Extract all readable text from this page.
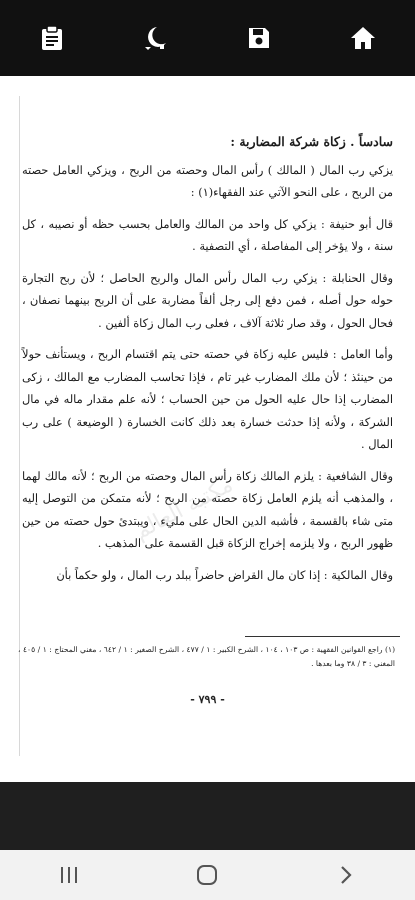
مكتبة العالم

سادساً . زكاة شركة المضاربة :

يزكي رب المال ( المالك ) رأس المال وحصته من الربح ، ويزكي العامل حصته من الربح ، على النحو الآتي عند الفقهاء(١) :

قال أبو حنيفة : يزكي كل واحد من المالك والعامل بحسب حظه أو نصيبه ، كل سنة ، ولا يؤخر إلى المفاصلة ، أي التصفية .

وقال الحنابلة : يزكي رب المال رأس المال والربح الحاصل ؛ لأن ربح التجارة حوله حول أصله ، فمن دفع إلى رجل ألفاً مضاربة على أن الربح بينهما نصفان ، فحال الحول ، وقد صار ثلاثة آلاف ، فعلى رب المال زكاة ألفين .

وأما العامل : فليس عليه زكاة في حصته حتى يتم اقتسام الربح ، ويستأنف حولاً من حينئذ ؛ لأن ملك المضارب غير تام ، فإذا تحاسب المضارب مع المالك ، زكى المضارب إذا حال عليه الحول من حين الحساب ؛ لأنه علم مقدار ماله في مال الشركة ، ولأنه إذا حدثت خسارة بعد ذلك كانت الخسارة ( الوضيعة ) على رب المال .

وقال الشافعية : يلزم المالك زكاة رأس المال وحصته من الربح ؛ لأنه مالك لهما ، والمذهب أنه يلزم العامل زكاة حصته من الربح ؛ لأنه متمكن من التوصل إليه متى شاء بالقسمة ، فأشبه الدين الحال على مليء ، ويبتدئ حول حصته من حين ظهور الربح ، ولا يلزمه إخراج الزكاة قبل القسمة على المذهب .

وقال المالكية : إذا كان مال القراض حاضراً ببلد رب المال ، ولو حكماً بأن

(١) راجع القوانين الفقهية : ص ١٠٣ ، ١٠٤ ، الشرح الكبير : ١ / ٤٧٧ ، الشرح الصغير : ١ / ٦٤٢ ، مغني المحتاج : ١ / ٤٠٥ ، المغني : ٣ / ٣٨ وما بعدها .
- ٧٩٩ -
